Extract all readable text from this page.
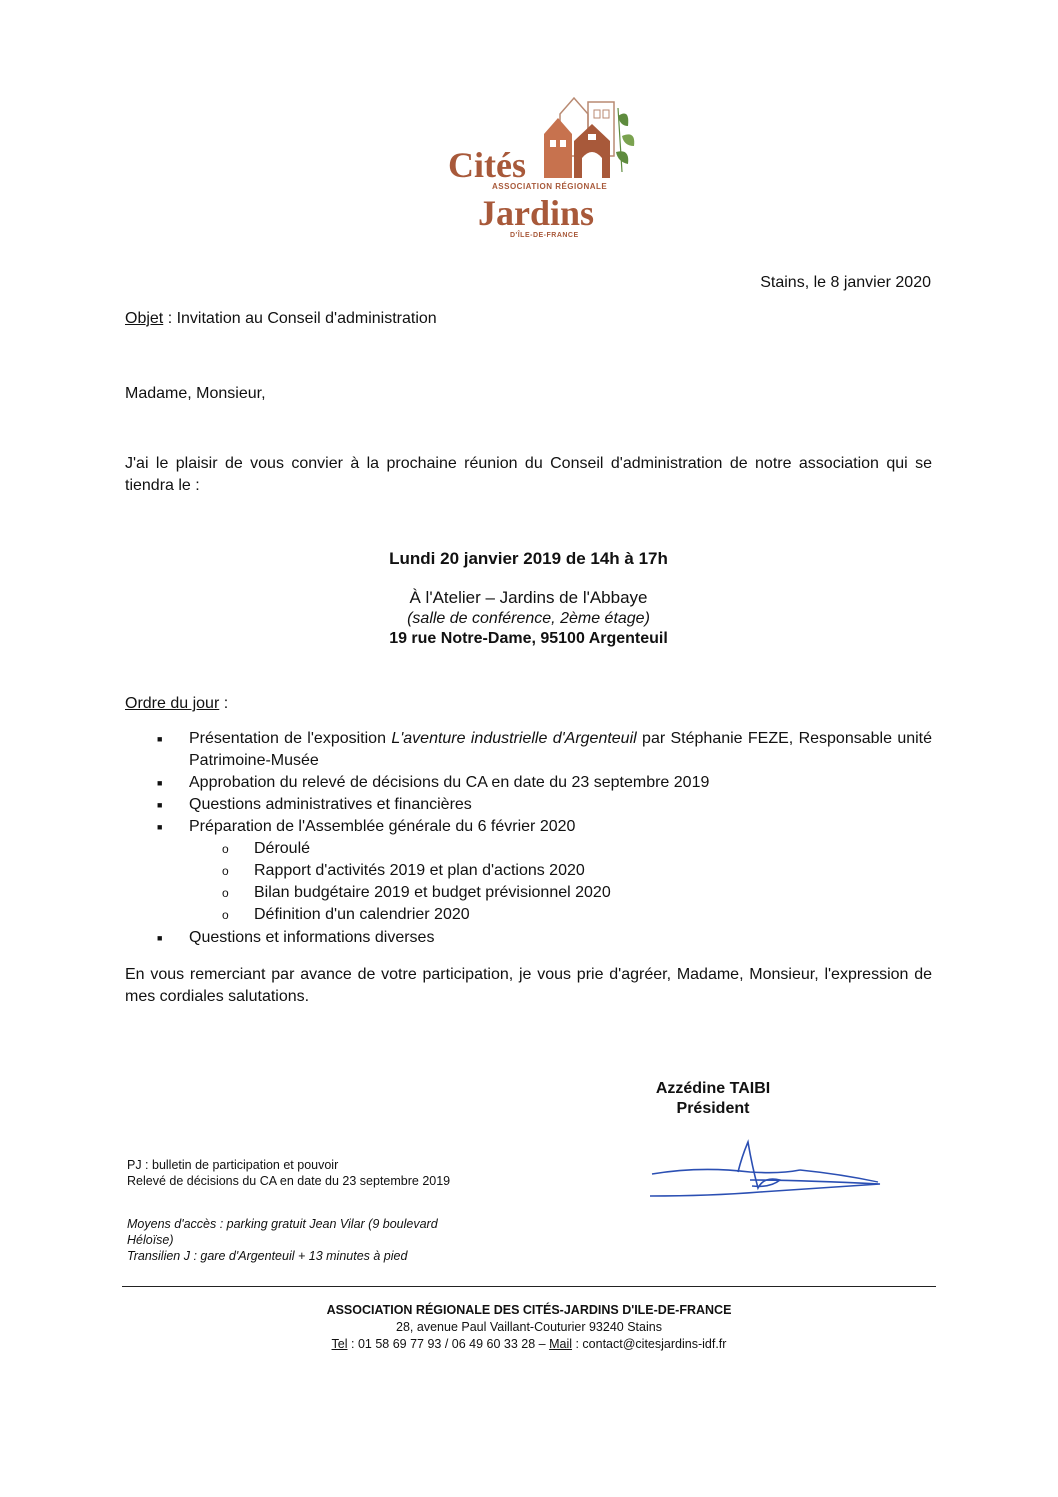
Cités
ASSOCIATION RÉGIONALE
Jardins
D'ÎLE-DE-FRANCE
Stains, le 8 janvier 2020
Objet : Invitation au Conseil d'administration
Madame, Monsieur,
J'ai le plaisir de vous convier à la prochaine réunion du Conseil d'administration de notre association qui se tiendra le :
Lundi 20 janvier 2019 de 14h à 17h
À l'Atelier – Jardins de l'Abbaye
(salle de conférence, 2ème étage)
19 rue Notre-Dame, 95100 Argenteuil
Ordre du jour :
■ Présentation de l'exposition L'aventure industrielle d'Argenteuil par Stéphanie FEZE, Responsable unité Patrimoine-Musée
■ Approbation du relevé de décisions du CA en date du 23 septembre 2019
■ Questions administratives et financières
■ Préparation de l'Assemblée générale du 6 février 2020
o Déroulé
o Rapport d'activités 2019 et plan d'actions 2020
o Bilan budgétaire 2019 et budget prévisionnel 2020
o Définition d'un calendrier 2020
■ Questions et informations diverses
En vous remerciant par avance de votre participation, je vous prie d'agréer, Madame, Monsieur, l'expression de mes cordiales salutations.
Azzédine TAIBI
Président
PJ : bulletin de participation et pouvoir
Relevé de décisions du CA en date du 23 septembre 2019
Moyens d'accès : parking gratuit Jean Vilar (9 boulevard
Héloïse)
Transilien J : gare d'Argenteuil + 13 minutes à pied
ASSOCIATION RÉGIONALE DES CITÉS-JARDINS D'ILE-DE-FRANCE
28, avenue Paul Vaillant-Couturier 93240 Stains
Tel : 01 58 69 77 93 / 06 49 60 33 28 – Mail : contact@citesjardins-idf.fr
